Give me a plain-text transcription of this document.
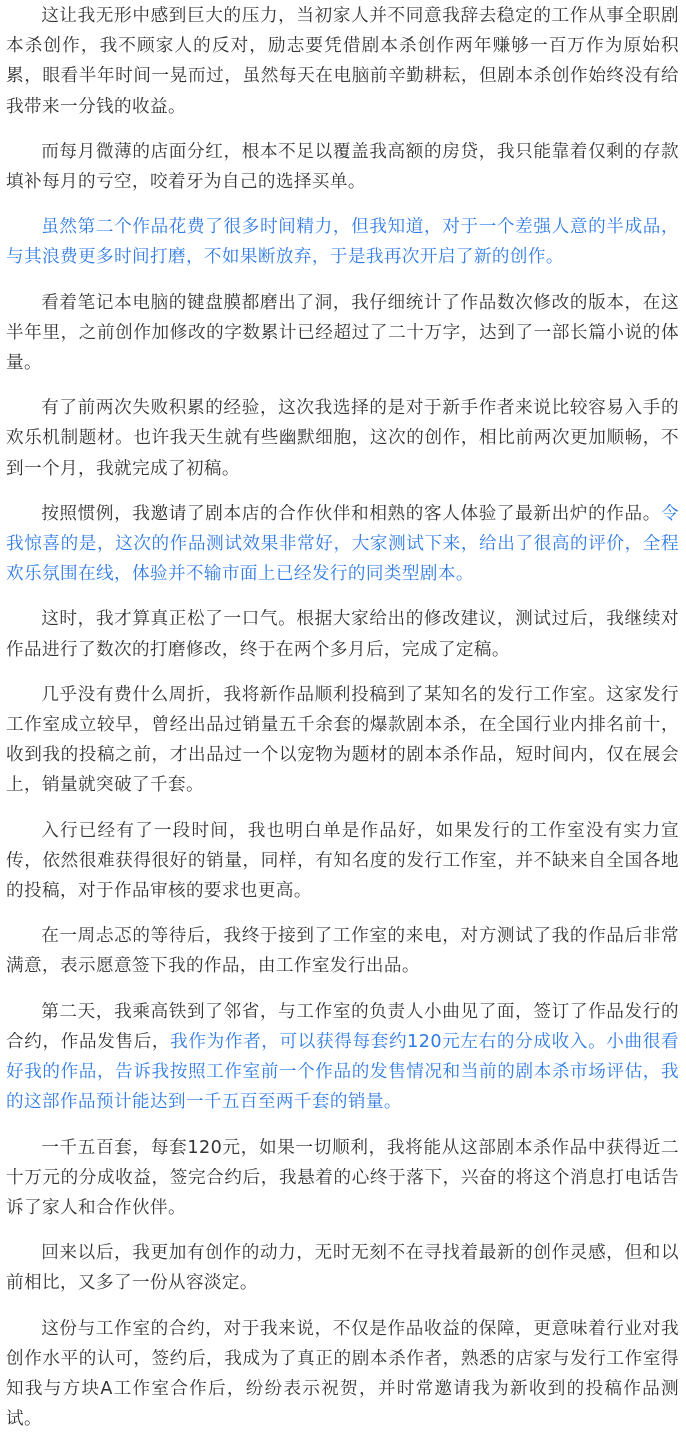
这让我无形中感到巨大的压力，当初家人并不同意我辞去稳定的工作从事全职剧本杀创作，我不顾家人的反对，励志要凭借剧本杀创作两年赚够一百万作为原始积累，眼看半年时间一晃而过，虽然每天在电脑前辛勤耕耘，但剧本杀创作始终没有给我带来一分钱的收益。

而每月微薄的店面分红，根本不足以覆盖我高额的房贷，我只能靠着仅剩的存款填补每月的亏空，咬着牙为自己的选择买单。

虽然第二个作品花费了很多时间精力，但我知道，对于一个差强人意的半成品，与其浪费更多时间打磨，不如果断放弃，于是我再次开启了新的创作。

看着笔记本电脑的键盘膜都磨出了洞，我仔细统计了作品数次修改的版本，在这半年里，之前创作加修改的字数累计已经超过了二十万字，达到了一部长篇小说的体量。

有了前两次失败积累的经验，这次我选择的是对于新手作者来说比较容易入手的欢乐机制题材。也许我天生就有些幽默细胞，这次的创作，相比前两次更加顺畅，不到一个月，我就完成了初稿。

按照惯例，我邀请了剧本店的合作伙伴和相熟的客人体验了最新出炉的作品。令我惊喜的是，这次的作品测试效果非常好，大家测试下来，给出了很高的评价，全程欢乐氛围在线，体验并不输市面上已经发行的同类型剧本。

这时，我才算真正松了一口气。根据大家给出的修改建议，测试过后，我继续对作品进行了数次的打磨修改，终于在两个多月后，完成了定稿。

几乎没有费什么周折，我将新作品顺利投稿到了某知名的发行工作室。这家发行工作室成立较早，曾经出品过销量五千余套的爆款剧本杀，在全国行业内排名前十，收到我的投稿之前，才出品过一个以宠物为题材的剧本杀作品，短时间内，仅在展会上，销量就突破了千套。

入行已经有了一段时间，我也明白单是作品好，如果发行的工作室没有实力宣传，依然很难获得很好的销量，同样，有知名度的发行工作室，并不缺来自全国各地的投稿，对于作品审核的要求也更高。

在一周忐忑的等待后，我终于接到了工作室的来电，对方测试了我的作品后非常满意，表示愿意签下我的作品，由工作室发行出品。

第二天，我乘高铁到了邻省，与工作室的负责人小曲见了面，签订了作品发行的合约，作品发售后，我作为作者，可以获得每套约120元左右的分成收入。小曲很看好我的作品，告诉我按照工作室前一个作品的发售情况和当前的剧本杀市场评估，我的这部作品预计能达到一千五百至两千套的销量。

一千五百套，每套120元，如果一切顺利，我将能从这部剧本杀作品中获得近二十万元的分成收益，签完合约后，我悬着的心终于落下，兴奋的将这个消息打电话告诉了家人和合作伙伴。

回来以后，我更加有创作的动力，无时无刻不在寻找着最新的创作灵感，但和以前相比，又多了一份从容淡定。

这份与工作室的合约，对于我来说，不仅是作品收益的保障，更意味着行业对我创作水平的认可，签约后，我成为了真正的剧本杀作者，熟悉的店家与发行工作室得知我与方块A工作室合作后，纷纷表示祝贺，并时常邀请我为新收到的投稿作品测试。
